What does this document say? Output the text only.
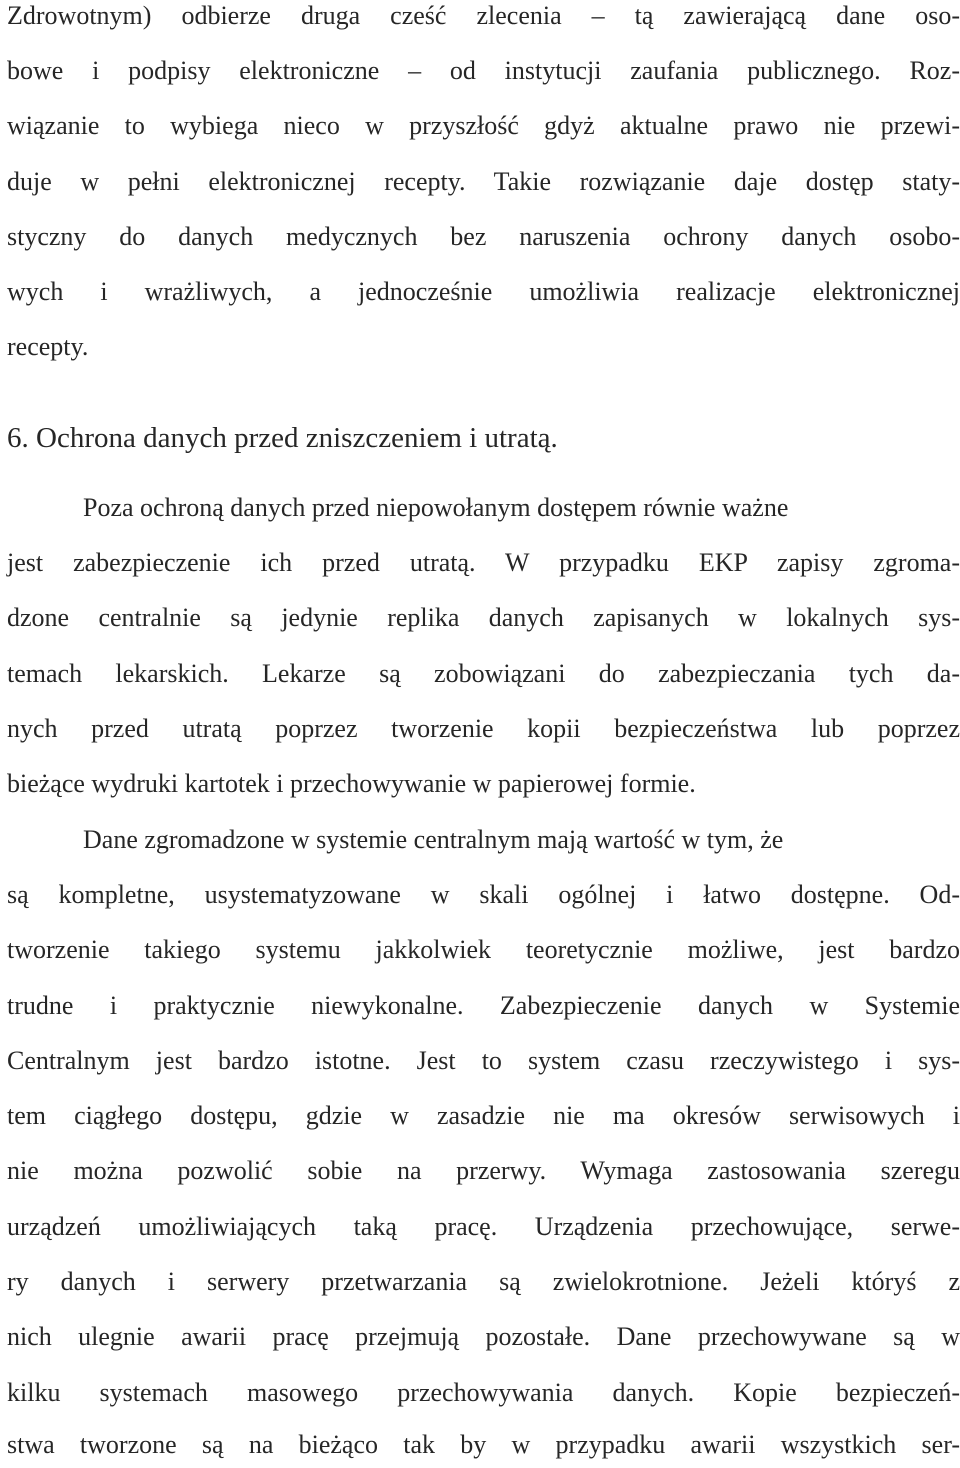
Zdrowotnym) odbierze druga cześć zlecenia – tą zawierającą dane oso-
bowe i podpisy elektroniczne – od instytucji zaufania publicznego. Roz-
wiązanie to wybiega nieco w przyszłość gdyż aktualne prawo nie przewi-
duje w pełni elektronicznej recepty. Takie rozwiązanie daje dostęp staty-
styczny do danych medycznych bez naruszenia ochrony danych osobo-
wych i wrażliwych, a jednocześnie umożliwia realizacje elektronicznej
recepty.
6. Ochrona danych przed zniszczeniem i utratą.
Poza ochroną danych przed niepowołanym dostępem równie ważne
jest zabezpieczenie ich przed utratą. W przypadku EKP zapisy zgroma-
dzone centralnie są jedynie replika danych zapisanych w lokalnych sys-
temach lekarskich. Lekarze są zobowiązani do zabezpieczania tych da-
nych przed utratą poprzez tworzenie kopii bezpieczeństwa lub poprzez
bieżące wydruki kartotek i przechowywanie w papierowej formie.
Dane zgromadzone w systemie centralnym mają wartość w tym, że
są kompletne, usystematyzowane w skali ogólnej i łatwo dostępne. Od-
tworzenie takiego systemu jakkolwiek teoretycznie możliwe, jest bardzo
trudne i praktycznie niewykonalne. Zabezpieczenie danych w Systemie
Centralnym jest bardzo istotne. Jest to system czasu rzeczywistego i sys-
tem ciągłego dostępu, gdzie w zasadzie nie ma okresów serwisowych i
nie można pozwolić sobie na przerwy. Wymaga zastosowania szeregu
urządzeń umożliwiających taką pracę. Urządzenia przechowujące, serwe-
ry danych i serwery przetwarzania są zwielokrotnione. Jeżeli któryś z
nich ulegnie awarii pracę przejmują pozostałe. Dane przechowywane są w
kilku systemach masowego przechowywania danych. Kopie bezpieczeń-
stwa tworzone są na bieżąco tak by w przypadku awarii wszystkich ser-
